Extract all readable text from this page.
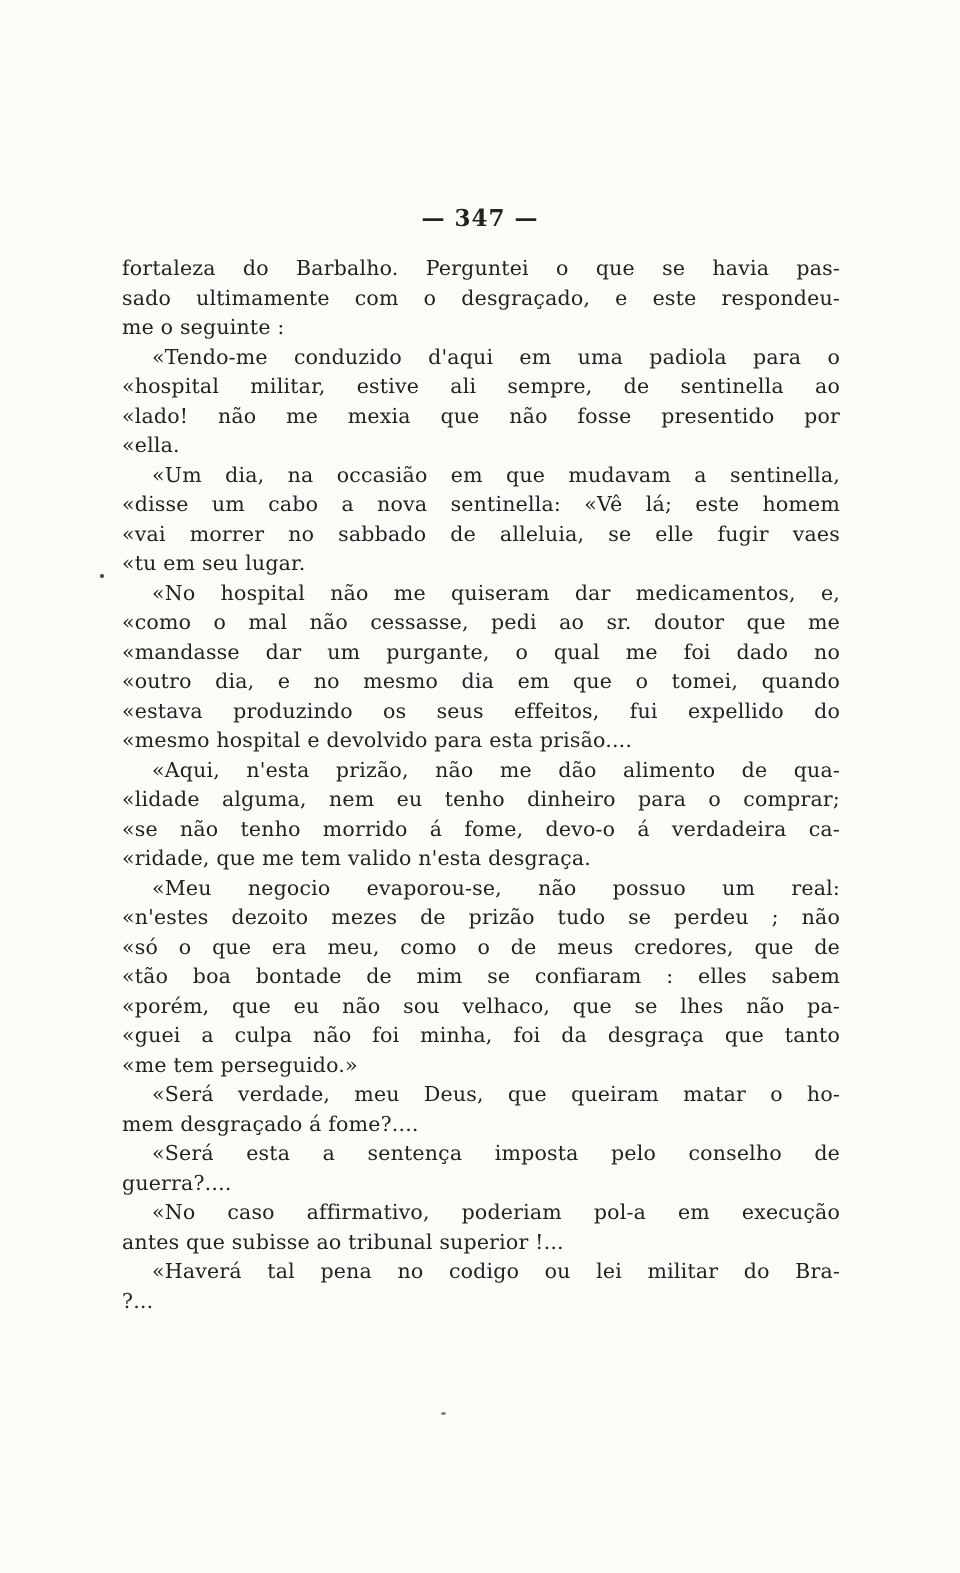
— 347 —
fortaleza do Barbalho. Perguntei o que se havia pas-
sado ultimamente com o desgraçado, e este respondeu-
me o seguinte :
«Tendo-me conduzido d'aqui em uma padiola para o
«hospital militar, estive ali sempre, de sentinella ao
«lado! não me mexia que não fosse presentido por
«ella.
«Um dia, na occasião em que mudavam a sentinella,
«disse um cabo a nova sentinella: «Vê lá; este homem
«vai morrer no sabbado de alleluia, se elle fugir vaes
«tu em seu lugar.
«No hospital não me quiseram dar medicamentos, e,
«como o mal não cessasse, pedi ao sr. doutor que me
«mandasse dar um purgante, o qual me foi dado no
«outro dia, e no mesmo dia em que o tomei, quando
«estava produzindo os seus effeitos, fui expellido do
«mesmo hospital e devolvido para esta prisão....
«Aqui, n'esta prizão, não me dão alimento de qua-
«lidade alguma, nem eu tenho dinheiro para o comprar;
«se não tenho morrido á fome, devo-o á verdadeira ca-
«ridade, que me tem valido n'esta desgraça.
«Meu negocio evaporou-se, não possuo um real:
«n'estes dezoito mezes de prizão tudo se perdeu ; não
«só o que era meu, como o de meus credores, que de
«tão boa bontade de mim se confiaram : elles sabem
«porém, que eu não sou velhaco, que se lhes não pa-
«guei a culpa não foi minha, foi da desgraça que tanto
«me tem perseguido.»
«Será verdade, meu Deus, que queiram matar o ho-
mem desgraçado á fome?....
«Será esta a sentença imposta pelo conselho de
guerra?....
«No caso affirmativo, poderiam pol-a em execução
antes que subisse ao tribunal superior !...
«Haverá tal pena no codigo ou lei militar do Bra-
?...
